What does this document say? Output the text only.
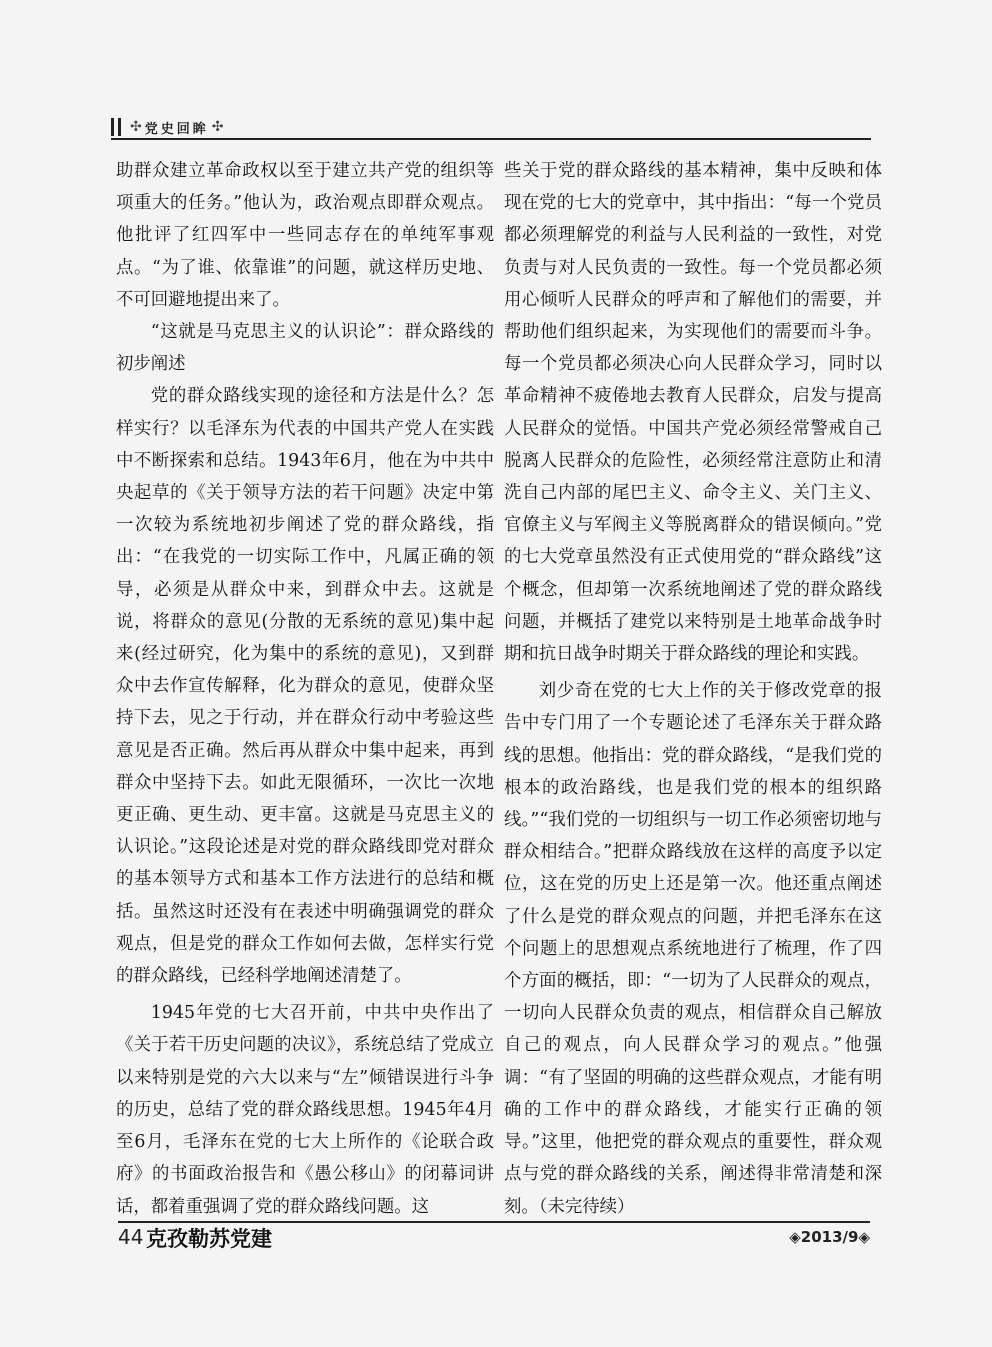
✣ 党史回眸 ✣

助群众建立革命政权以至于建立共产党的组织等项重大的任务。”他认为，政治观点即群众观点。他批评了红四军中一些同志存在的单纯军事观点。“为了谁、依靠谁”的问题，就这样历史地、不可回避地提出来了。

“这就是马克思主义的认识论”：群众路线的初步阐述

党的群众路线实现的途径和方法是什么？怎样实行？以毛泽东为代表的中国共产党人在实践中不断探索和总结。1943年6月，他在为中共中央起草的《关于领导方法的若干问题》决定中第一次较为系统地初步阐述了党的群众路线，指出：“在我党的一切实际工作中，凡属正确的领导，必须是从群众中来，到群众中去。这就是说，将群众的意见(分散的无系统的意见)集中起来(经过研究，化为集中的系统的意见)，又到群众中去作宣传解释，化为群众的意见，使群众坚持下去，见之于行动，并在群众行动中考验这些意见是否正确。然后再从群众中集中起来，再到群众中坚持下去。如此无限循环，一次比一次地更正确、更生动、更丰富。这就是马克思主义的认识论。”这段论述是对党的群众路线即党对群众的基本领导方式和基本工作方法进行的总结和概括。虽然这时还没有在表述中明确强调党的群众观点，但是党的群众工作如何去做，怎样实行党的群众路线，已经科学地阐述清楚了。

1945年党的七大召开前，中共中央作出了《关于若干历史问题的决议》，系统总结了党成立以来特别是党的六大以来与“左”倾错误进行斗争的历史，总结了党的群众路线思想。1945年4月至6月，毛泽东在党的七大上所作的《论联合政府》的书面政治报告和《愚公移山》的闭幕词讲话，都着重强调了党的群众路线问题。这

些关于党的群众路线的基本精神，集中反映和体现在党的七大的党章中，其中指出：“每一个党员都必须理解党的利益与人民利益的一致性，对党负责与对人民负责的一致性。每一个党员都必须用心倾听人民群众的呼声和了解他们的需要，并帮助他们组织起来，为实现他们的需要而斗争。每一个党员都必须决心向人民群众学习，同时以革命精神不疲倦地去教育人民群众，启发与提高人民群众的觉悟。中国共产党必须经常警戒自己脱离人民群众的危险性，必须经常注意防止和清洗自己内部的尾巴主义、命令主义、关门主义、官僚主义与军阀主义等脱离群众的错误倾向。”党的七大党章虽然没有正式使用党的“群众路线”这个概念，但却第一次系统地阐述了党的群众路线问题，并概括了建党以来特别是土地革命战争时期和抗日战争时期关于群众路线的理论和实践。

刘少奇在党的七大上作的关于修改党章的报告中专门用了一个专题论述了毛泽东关于群众路线的思想。他指出：党的群众路线，“是我们党的根本的政治路线，也是我们党的根本的组织路线。”“我们党的一切组织与一切工作必须密切地与群众相结合。”把群众路线放在这样的高度予以定位，这在党的历史上还是第一次。他还重点阐述了什么是党的群众观点的问题，并把毛泽东在这个问题上的思想观点系统地进行了梳理，作了四个方面的概括，即：“一切为了人民群众的观点，一切向人民群众负责的观点，相信群众自己解放自己的观点，向人民群众学习的观点。”他强调：“有了坚固的明确的这些群众观点，才能有明确的工作中的群众路线，才能实行正确的领导。”这里，他把党的群众观点的重要性，群众观点与党的群众路线的关系，阐述得非常清楚和深刻。（未完待续）

44 克孜勒苏党建	◈2013/9◈
